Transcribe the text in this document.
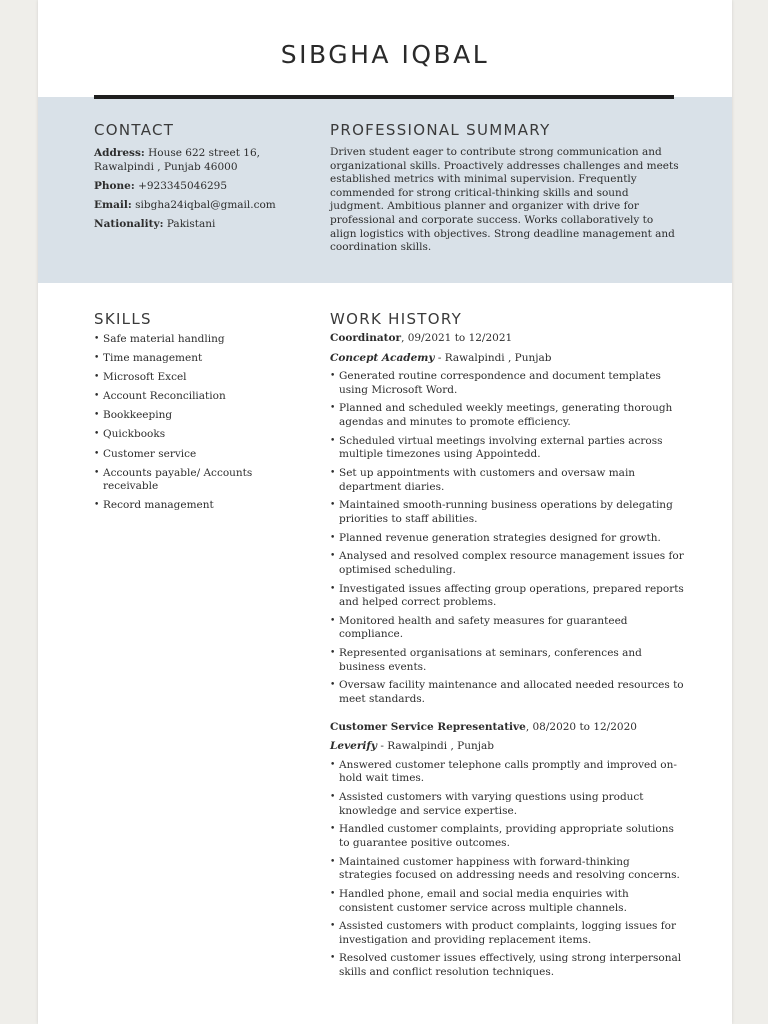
SIBGHA IQBAL
CONTACT

Address: House 622 street 16, Rawalpindi , Punjab 46000

Phone: +923345046295

Email: sibgha24iqbal@gmail.com

Nationality: Pakistani

PROFESSIONAL SUMMARY

Driven student eager to contribute strong communication and organizational skills. Proactively addresses challenges and meets established metrics with minimal supervision. Frequently commended for strong critical-thinking skills and sound judgment. Ambitious planner and organizer with drive for professional and corporate success. Works collaboratively to align logistics with objectives. Strong deadline management and coordination skills.

SKILLS
• Safe material handling
• Time management
• Microsoft Excel
• Account Reconciliation
• Bookkeeping
• Quickbooks
• Customer service
• Accounts payable/ Accounts receivable
• Record management
WORK HISTORY

Coordinator, 09/2021 to 12/2021

Concept Academy - Rawalpindi , Punjab

• Generated routine correspondence and document templates using Microsoft Word.
• Planned and scheduled weekly meetings, generating thorough agendas and minutes to promote efficiency.
• Scheduled virtual meetings involving external parties across multiple timezones using Appointedd.
• Set up appointments with customers and oversaw main department diaries.
• Maintained smooth-running business operations by delegating priorities to staff abilities.
• Planned revenue generation strategies designed for growth.
• Analysed and resolved complex resource management issues for optimised scheduling.
• Investigated issues affecting group operations, prepared reports and helped correct problems.
• Monitored health and safety measures for guaranteed compliance.
• Represented organisations at seminars, conferences and business events.
• Oversaw facility maintenance and allocated needed resources to meet standards.

Customer Service Representative, 08/2020 to 12/2020

Leverify - Rawalpindi , Punjab

• Answered customer telephone calls promptly and improved on-hold wait times.
• Assisted customers with varying questions using product knowledge and service expertise.
• Handled customer complaints, providing appropriate solutions to guarantee positive outcomes.
• Maintained customer happiness with forward-thinking strategies focused on addressing needs and resolving concerns.
• Handled phone, email and social media enquiries with consistent customer service across multiple channels.
• Assisted customers with product complaints, logging issues for investigation and providing replacement items.
• Resolved customer issues effectively, using strong interpersonal skills and conflict resolution techniques.
